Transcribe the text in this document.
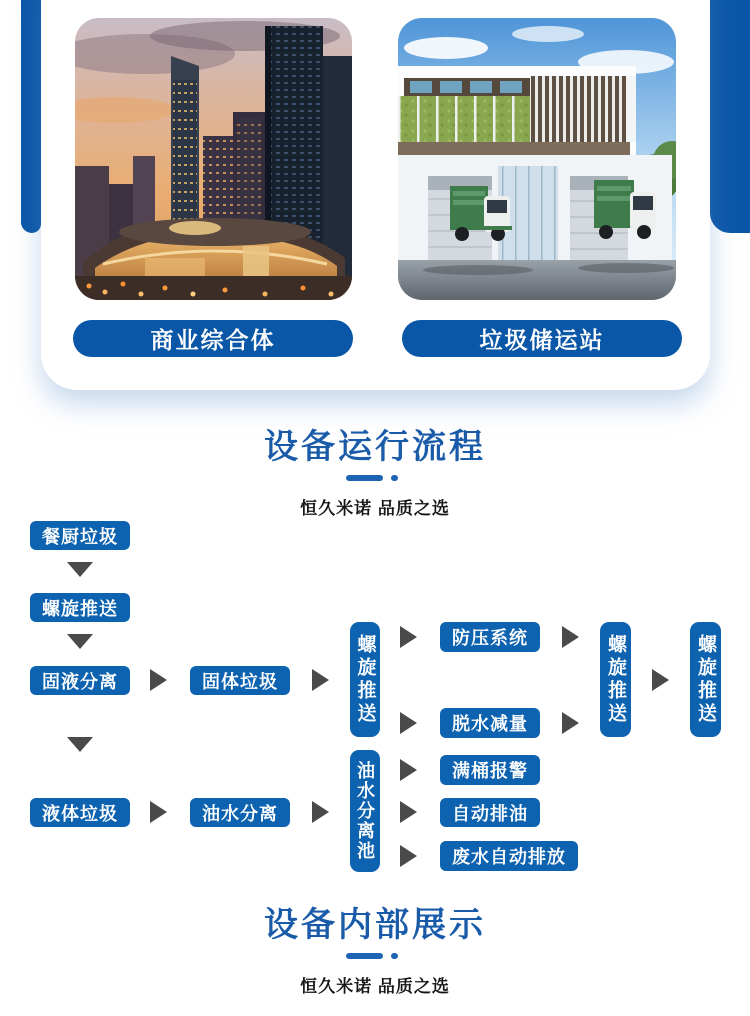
商业综合体	垃圾储运站
设备运行流程
恒久米诺 品质之选
餐厨垃圾
螺旋推送
固液分离
液体垃圾
固体垃圾	螺旋推送	防压系统
脱水减量	螺旋推送	螺旋推送
油水分离	油水分离池	满桶报警
自动排油
废水自动排放
设备内部展示
恒久米诺 品质之选
